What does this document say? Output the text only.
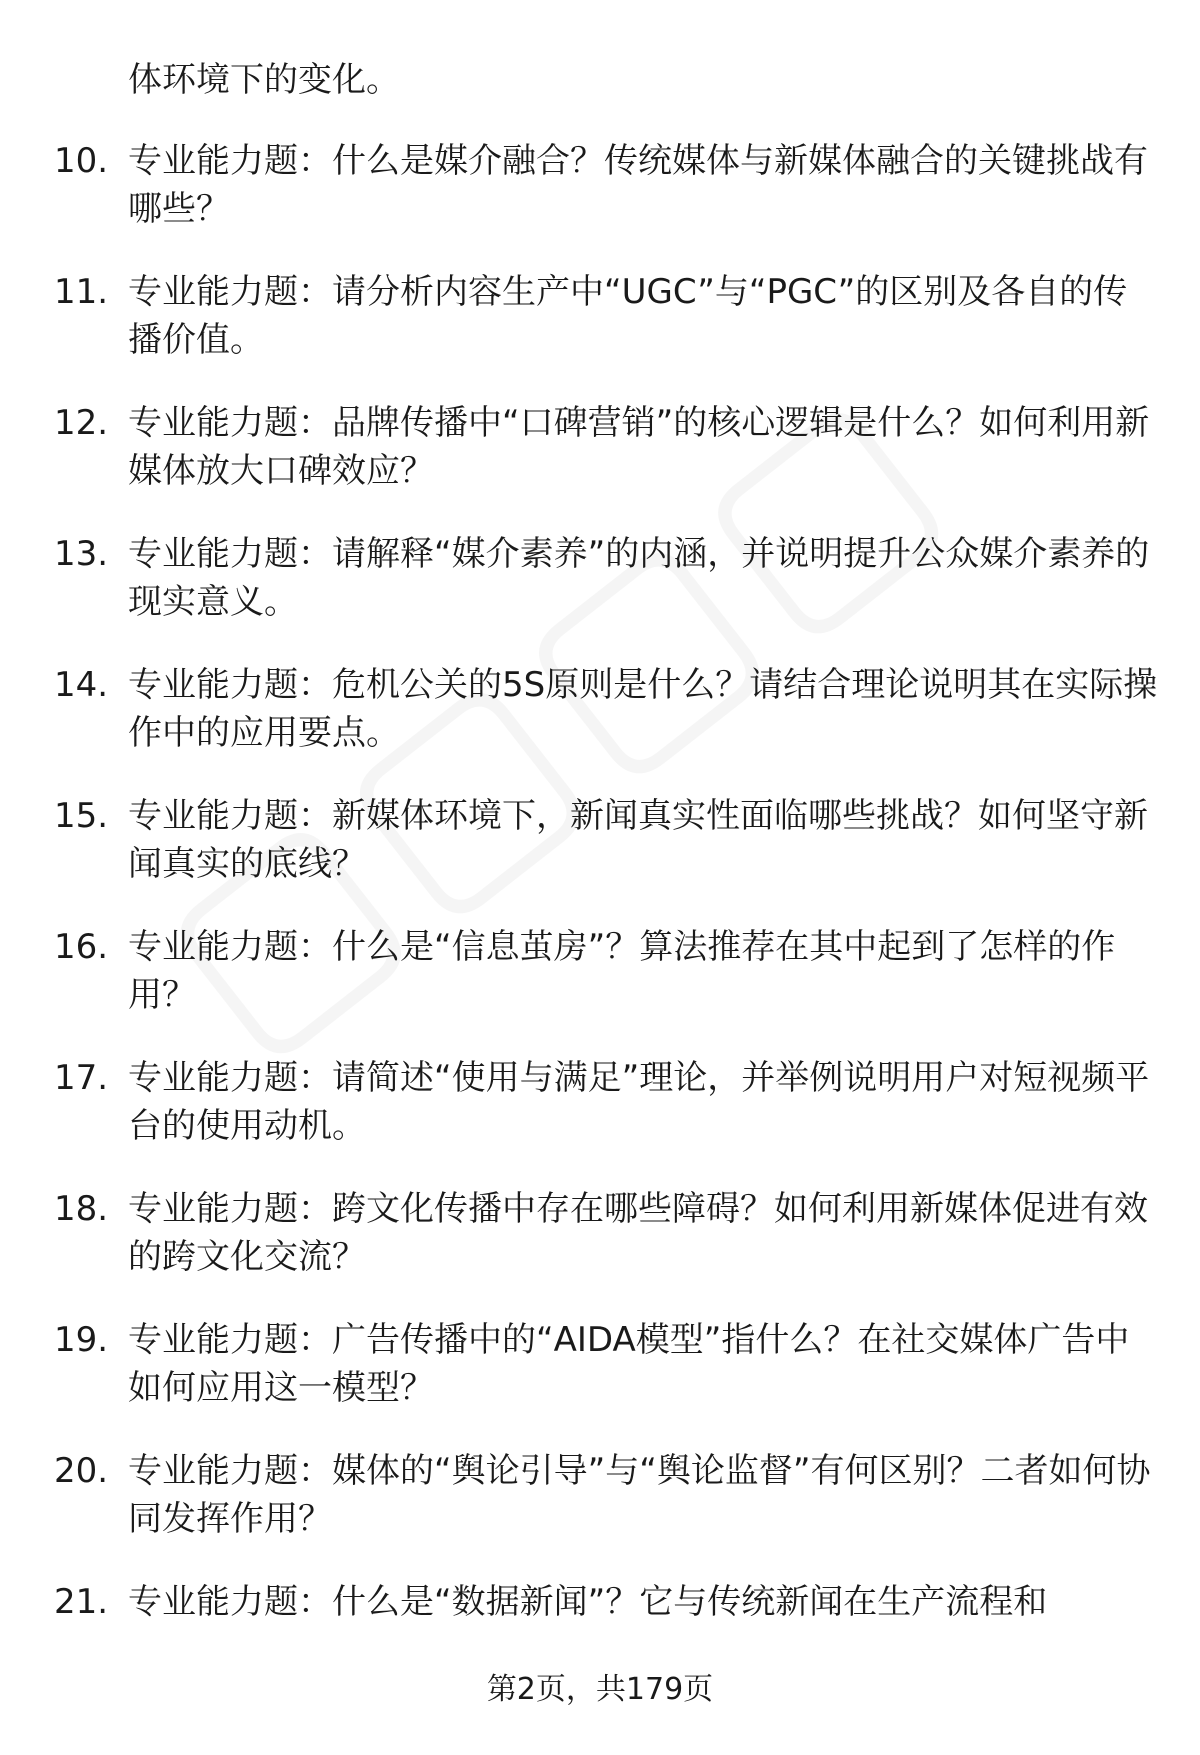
体环境下的变化。
10. 专业能力题：什么是媒介融合？传统媒体与新媒体融合的关键挑战有哪些？
11. 专业能力题：请分析内容生产中“UGC”与“PGC”的区别及各自的传播价值。
12. 专业能力题：品牌传播中“口碑营销”的核心逻辑是什么？如何利用新媒体放大口碑效应？
13. 专业能力题：请解释“媒介素养”的内涵，并说明提升公众媒介素养的现实意义。
14. 专业能力题：危机公关的5S原则是什么？请结合理论说明其在实际操作中的应用要点。
15. 专业能力题：新媒体环境下，新闻真实性面临哪些挑战？如何坚守新闻真实的底线？
16. 专业能力题：什么是“信息茧房”？算法推荐在其中起到了怎样的作用？
17. 专业能力题：请简述“使用与满足”理论，并举例说明用户对短视频平台的使用动机。
18. 专业能力题：跨文化传播中存在哪些障碍？如何利用新媒体促进有效的跨文化交流？
19. 专业能力题：广告传播中的“AIDA模型”指什么？在社交媒体广告中如何应用这一模型？
20. 专业能力题：媒体的“舆论引导”与“舆论监督”有何区别？二者如何协同发挥作用？
21. 专业能力题：什么是“数据新闻”？它与传统新闻在生产流程和
第2页，共179页
